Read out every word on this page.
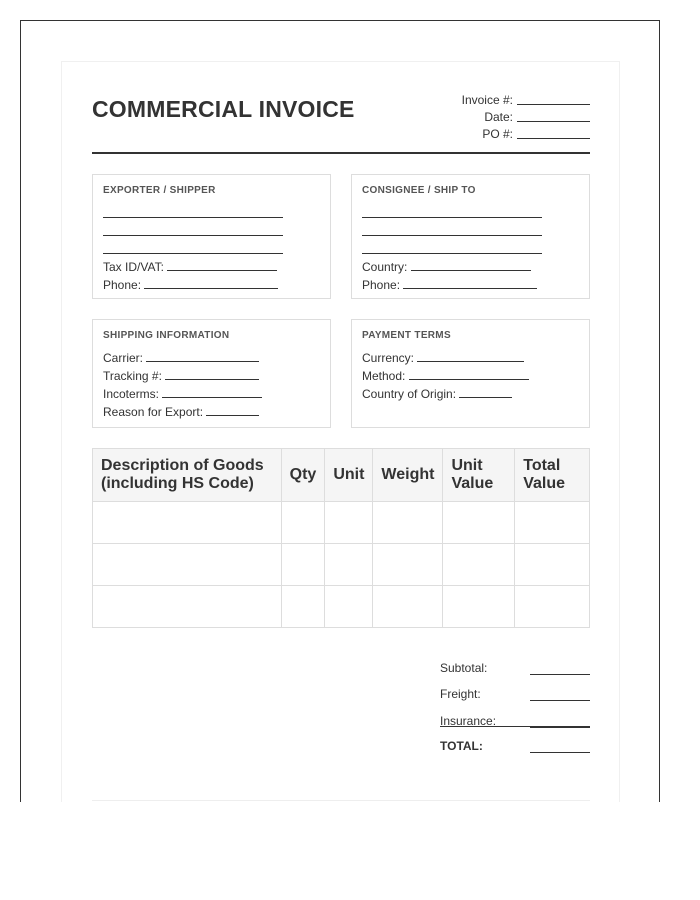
COMMERCIAL INVOICE	Invoice #:
Date:
PO #:
EXPORTER / SHIPPER
Tax ID/VAT:
Phone:
CONSIGNEE / SHIP TO
Country:
Phone:
SHIPPING INFORMATION
Carrier:
Tracking #:
Incoterms:
Reason for Export:
PAYMENT TERMS
Currency:
Method:
Country of Origin:
Description of Goods (including HS Code)	Qty	Unit	Weight	Unit Value	Total Value

Subtotal:
Freight:
Insurance:
TOTAL:
